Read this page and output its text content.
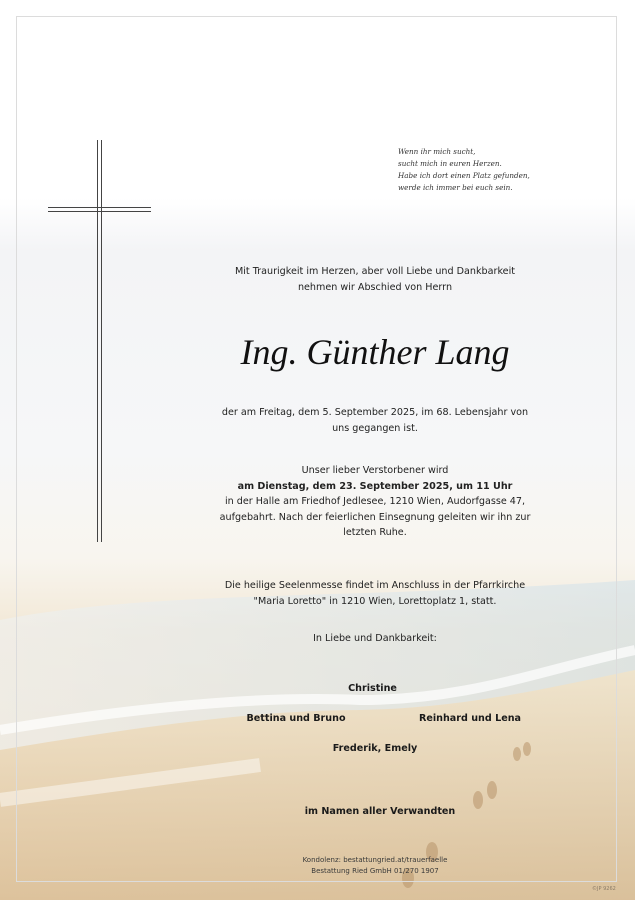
Wenn ihr mich sucht,
sucht mich in euren Herzen.
Habe ich dort einen Platz gefunden,
werde ich immer bei euch sein.
Mit Traurigkeit im Herzen, aber voll Liebe und Dankbarkeit
nehmen wir Abschied von Herrn
Ing. Günther Lang
der am Freitag, dem 5. September 2025, im 68. Lebensjahr von
uns gegangen ist.
Unser lieber Verstorbener wird
am Dienstag, dem 23. September 2025, um 11 Uhr
in der Halle am Friedhof Jedlesee, 1210 Wien, Audorfgasse 47,
aufgebahrt. Nach der feierlichen Einsegnung geleiten wir ihn zur
letzten Ruhe.
Die heilige Seelenmesse findet im Anschluss in der Pfarrkirche
"Maria Loretto" in 1210 Wien, Lorettoplatz 1, statt.
In Liebe und Dankbarkeit:
Christine
Bettina und Bruno	Reinhard und Lena
Frederik, Emely
im Namen aller Verwandten
Kondolenz: bestattungried.at/trauerfaelle
Bestattung Ried GmbH 01/270 1907
©JP 9262
